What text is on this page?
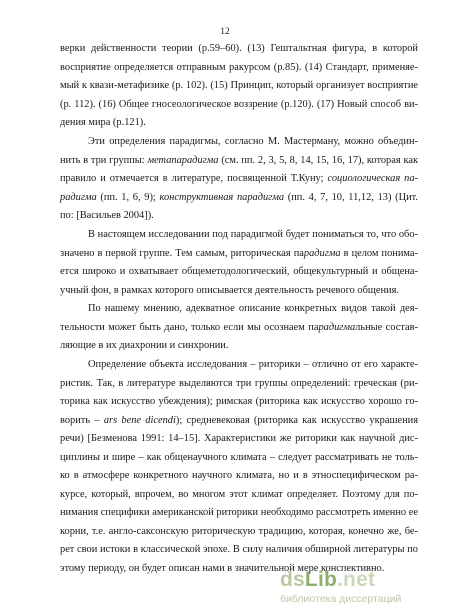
12
верки действенности теории (р.59–60). (13) Гештальтная фигура, в которой
восприятие определяется отправным ракурсом (р.85). (14) Стандарт, применяе-
мый к квази-метафизике (р. 102). (15) Принцип, который организует восприятие
(р. 112). (16) Общее гносеологическое воззрение (р.120). (17) Новый способ ви-
дения мира (р.121).
Эти определения парадигмы, согласно М. Мастерману, можно объедин-
нить в три группы: метапарадигма (см. пп. 2, 3, 5, 8, 14, 15, 16, 17), которая как
правило и отмечается в литературе, посвященной Т.Куну; социологическая па-
радигма (пп. 1, 6, 9); конструктивная парадигма (пп. 4, 7, 10, 11,12, 13) (Цит.
по: [Васильев 2004]).
В настоящем исследовании под парадигмой будет пониматься то, что обо-
значено в первой группе. Тем самым, риторическая парадигма в целом понима-
ется широко и охватывает общеметодологический, общекультурный и общена-
учный фон, в рамках которого описывается деятельность речевого общения.
По нашему мнению, адекватное описание конкретных видов такой дея-
тельности может быть дано, только если мы осознаем парадигмальные состав-
ляющие в их диахронии и синхронии.
Определение объекта исследования – риторики – отлично от его характе-
ристик. Так, в литературе выделяются три группы определений: греческая (ри-
торика как искусство убеждения); римская (риторика как искусство хорошо го-
ворить – ars bene dicendi); средневековая (риторика как искусство украшения
речи) [Безменова 1991: 14–15]. Характеристики же риторики как научной дис-
циплины и шире – как общенаучного климата – следует рассматривать не толь-
ко в атмосфере конкретного научного климата, но и в этноспецифическом ра-
курсе, который, впрочем, во многом этот климат определяет. Поэтому для по-
нимания специфики американской риторики необходимо рассмотреть именно ее
корни, т.е. англо-саксонскую риторическую традицию, которая, конечно же, бе-
рет свои истоки в классической эпохе. В силу наличия обширной литературы по
этому периоду, он будет описан нами в значительной мере конспективно.
dsLib.net
библиотека диссертаций
